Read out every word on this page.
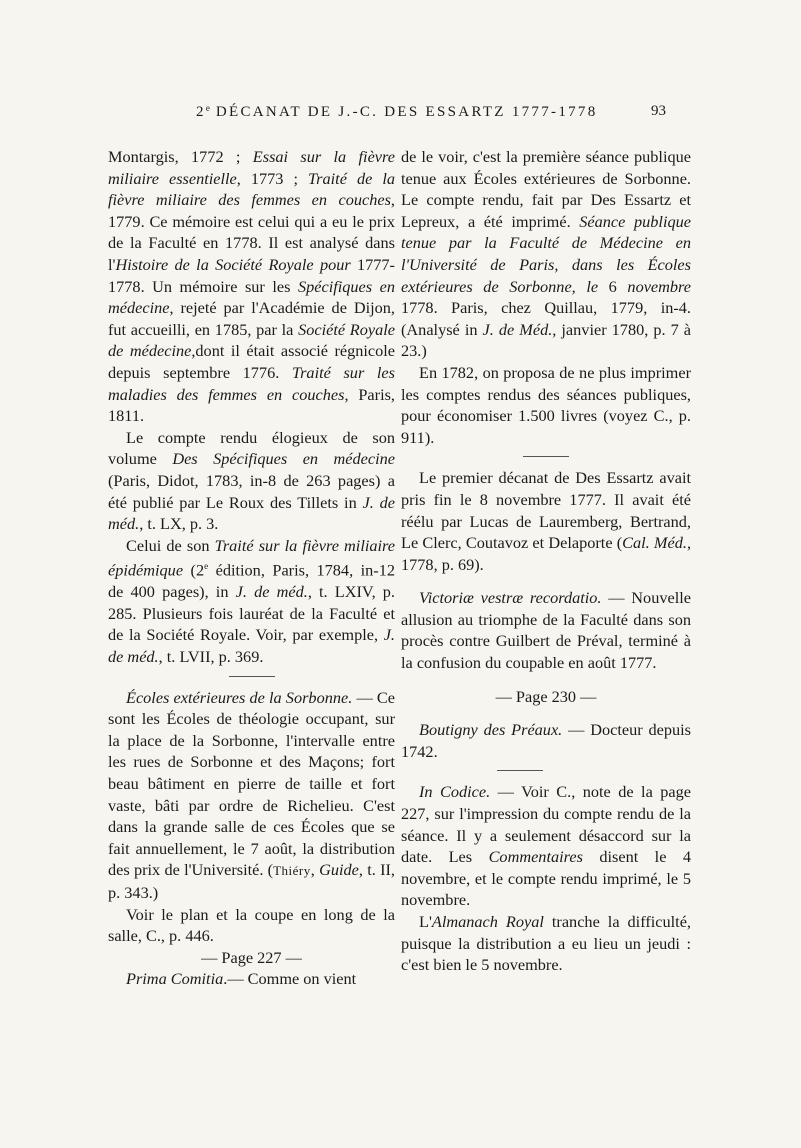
2e DÉCANAT DE J.-C. DES ESSARTZ 1777-1778	93

Montargis, 1772 ; Essai sur la fièvre miliaire essentielle, 1773 ; Traité de la fièvre miliaire des femmes en couches, 1779. Ce mémoire est celui qui a eu le prix de la Faculté en 1778. Il est analysé dans l'Histoire de la Société Royale pour 1777-1778. Un mémoire sur les Spécifiques en médecine, rejeté par l'Académie de Dijon, fut accueilli, en 1785, par la Société Royale de médecine,dont il était associé régnicole depuis septembre 1776. Traité sur les maladies des femmes en couches, Paris, 1811.

Le compte rendu élogieux de son volume Des Spécifiques en médecine (Paris, Didot, 1783, in-8 de 263 pages) a été publié par Le Roux des Tillets in J. de méd., t. LX, p. 3.

Celui de son Traité sur la fièvre miliaire épidémique (2e édition, Paris, 1784, in-12 de 400 pages), in J. de méd., t. LXIV, p. 285. Plusieurs fois lauréat de la Faculté et de la Société Royale. Voir, par exemple, J. de méd., t. LVII, p. 369.

Écoles extérieures de la Sorbonne. — Ce sont les Écoles de théologie occupant, sur la place de la Sorbonne, l'intervalle entre les rues de Sorbonne et des Maçons; fort beau bâtiment en pierre de taille et fort vaste, bâti par ordre de Richelieu. C'est dans la grande salle de ces Écoles que se fait annuellement, le 7 août, la distribution des prix de l'Université. (Thiéry, Guide, t. II, p. 343.)

Voir le plan et la coupe en long de la salle, C., p. 446.

— Page 227 —

Prima Comitia.— Comme on vient

de le voir, c'est la première séance publique tenue aux Écoles extérieures de Sorbonne. Le compte rendu, fait par Des Essartz et Lepreux, a été imprimé. Séance publique tenue par la Faculté de Médecine en l'Université de Paris, dans les Écoles extérieures de Sorbonne, le 6 novembre 1778. Paris, chez Quillau, 1779, in-4. (Analysé in J. de Méd., janvier 1780, p. 7 à 23.)

En 1782, on proposa de ne plus imprimer les comptes rendus des séances publiques, pour économiser 1.500 livres (voyez C., p. 911).

Le premier décanat de Des Essartz avait pris fin le 8 novembre 1777. Il avait été réélu par Lucas de Lauremberg, Bertrand, Le Clerc, Coutavoz et Delaporte (Cal. Méd., 1778, p. 69).

Victoriæ vestræ recordatio. — Nouvelle allusion au triomphe de la Faculté dans son procès contre Guilbert de Préval, terminé à la confusion du coupable en août 1777.

— Page 230 —

Boutigny des Préaux. — Docteur depuis 1742.

In Codice. — Voir C., note de la page 227, sur l'impression du compte rendu de la séance. Il y a seulement désaccord sur la date. Les Commentaires disent le 4 novembre, et le compte rendu imprimé, le 5 novembre.

L'Almanach Royal tranche la difficulté, puisque la distribution a eu lieu un jeudi : c'est bien le 5 novembre.
